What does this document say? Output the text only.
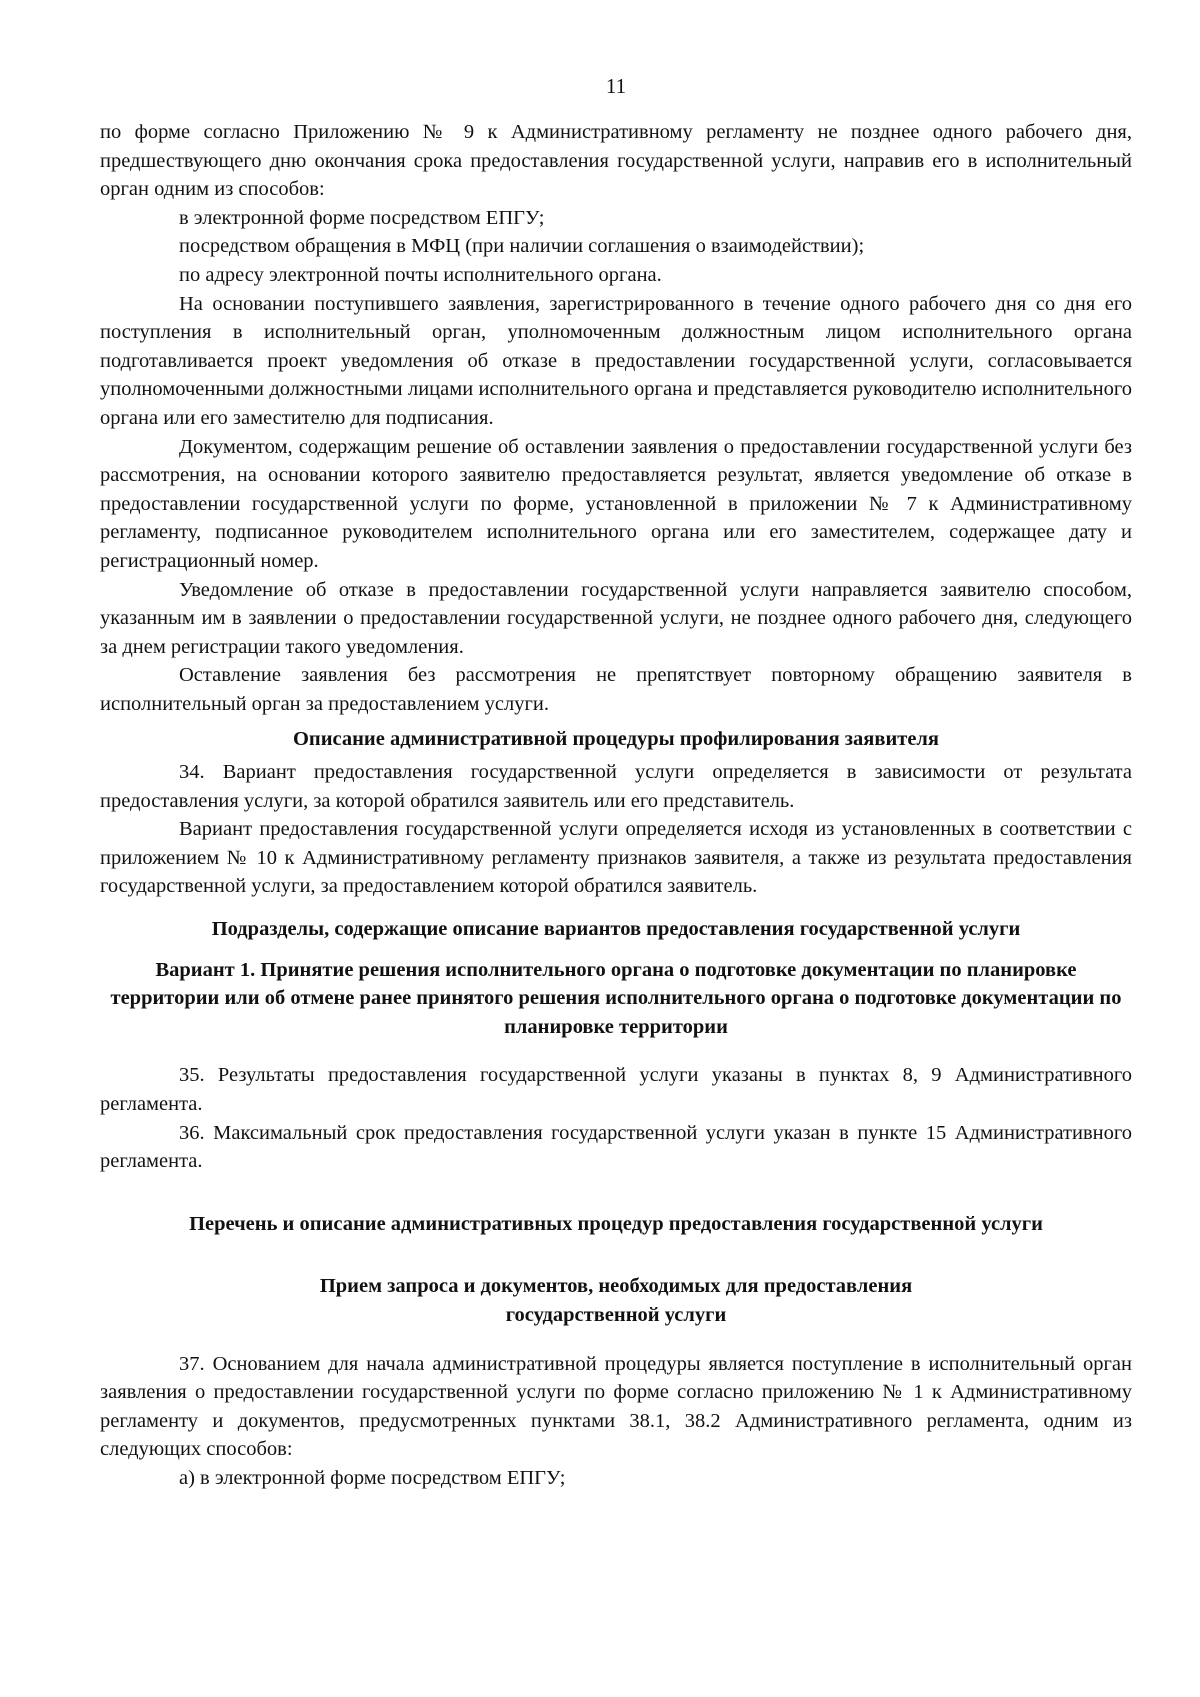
11

по форме согласно Приложению № 9 к Административному регламенту не позднее одного рабочего дня, предшествующего дню окончания срока предоставления государственной услуги, направив его в исполнительный орган одним из способов:

в электронной форме посредством ЕПГУ;

посредством обращения в МФЦ (при наличии соглашения о взаимодействии);

по адресу электронной почты исполнительного органа.

На основании поступившего заявления, зарегистрированного в течение одного рабочего дня со дня его поступления в исполнительный орган, уполномоченным должностным лицом исполнительного органа подготавливается проект уведомления об отказе в предоставлении государственной услуги, согласовывается уполномоченными должностными лицами исполнительного органа и представляется руководителю исполнительного органа или его заместителю для подписания.

Документом, содержащим решение об оставлении заявления о предоставлении государственной услуги без рассмотрения, на основании которого заявителю предоставляется результат, является уведомление об отказе в предоставлении государственной услуги по форме, установленной в приложении № 7 к Административному регламенту, подписанное руководителем исполнительного органа или его заместителем, содержащее дату и регистрационный номер.

Уведомление об отказе в предоставлении государственной услуги направляется заявителю способом, указанным им в заявлении о предоставлении государственной услуги, не позднее одного рабочего дня, следующего за днем регистрации такого уведомления.

Оставление заявления без рассмотрения не препятствует повторному обращению заявителя в исполнительный орган за предоставлением услуги.

Описание административной процедуры профилирования заявителя

34. Вариант предоставления государственной услуги определяется в зависимости от результата предоставления услуги, за которой обратился заявитель или его представитель.

Вариант предоставления государственной услуги определяется исходя из установленных в соответствии с приложением № 10 к Административному регламенту признаков заявителя, а также из результата предоставления государственной услуги, за предоставлением которой обратился заявитель.

Подразделы, содержащие описание вариантов предоставления государственной услуги

Вариант 1. Принятие решения исполнительного органа о подготовке документации по планировке территории или об отмене ранее принятого решения исполнительного органа о подготовке документации по планировке территории

35. Результаты предоставления государственной услуги указаны в пунктах 8, 9 Административного регламента.

36. Максимальный срок предоставления государственной услуги указан в пункте 15 Административного регламента.

Перечень и описание административных процедур предоставления государственной услуги

Прием запроса и документов, необходимых для предоставления государственной услуги

37. Основанием для начала административной процедуры является поступление в исполнительный орган заявления о предоставлении государственной услуги по форме согласно приложению № 1 к Административному регламенту и документов, предусмотренных пунктами 38.1, 38.2 Административного регламента, одним из следующих способов:

а) в электронной форме посредством ЕПГУ;
